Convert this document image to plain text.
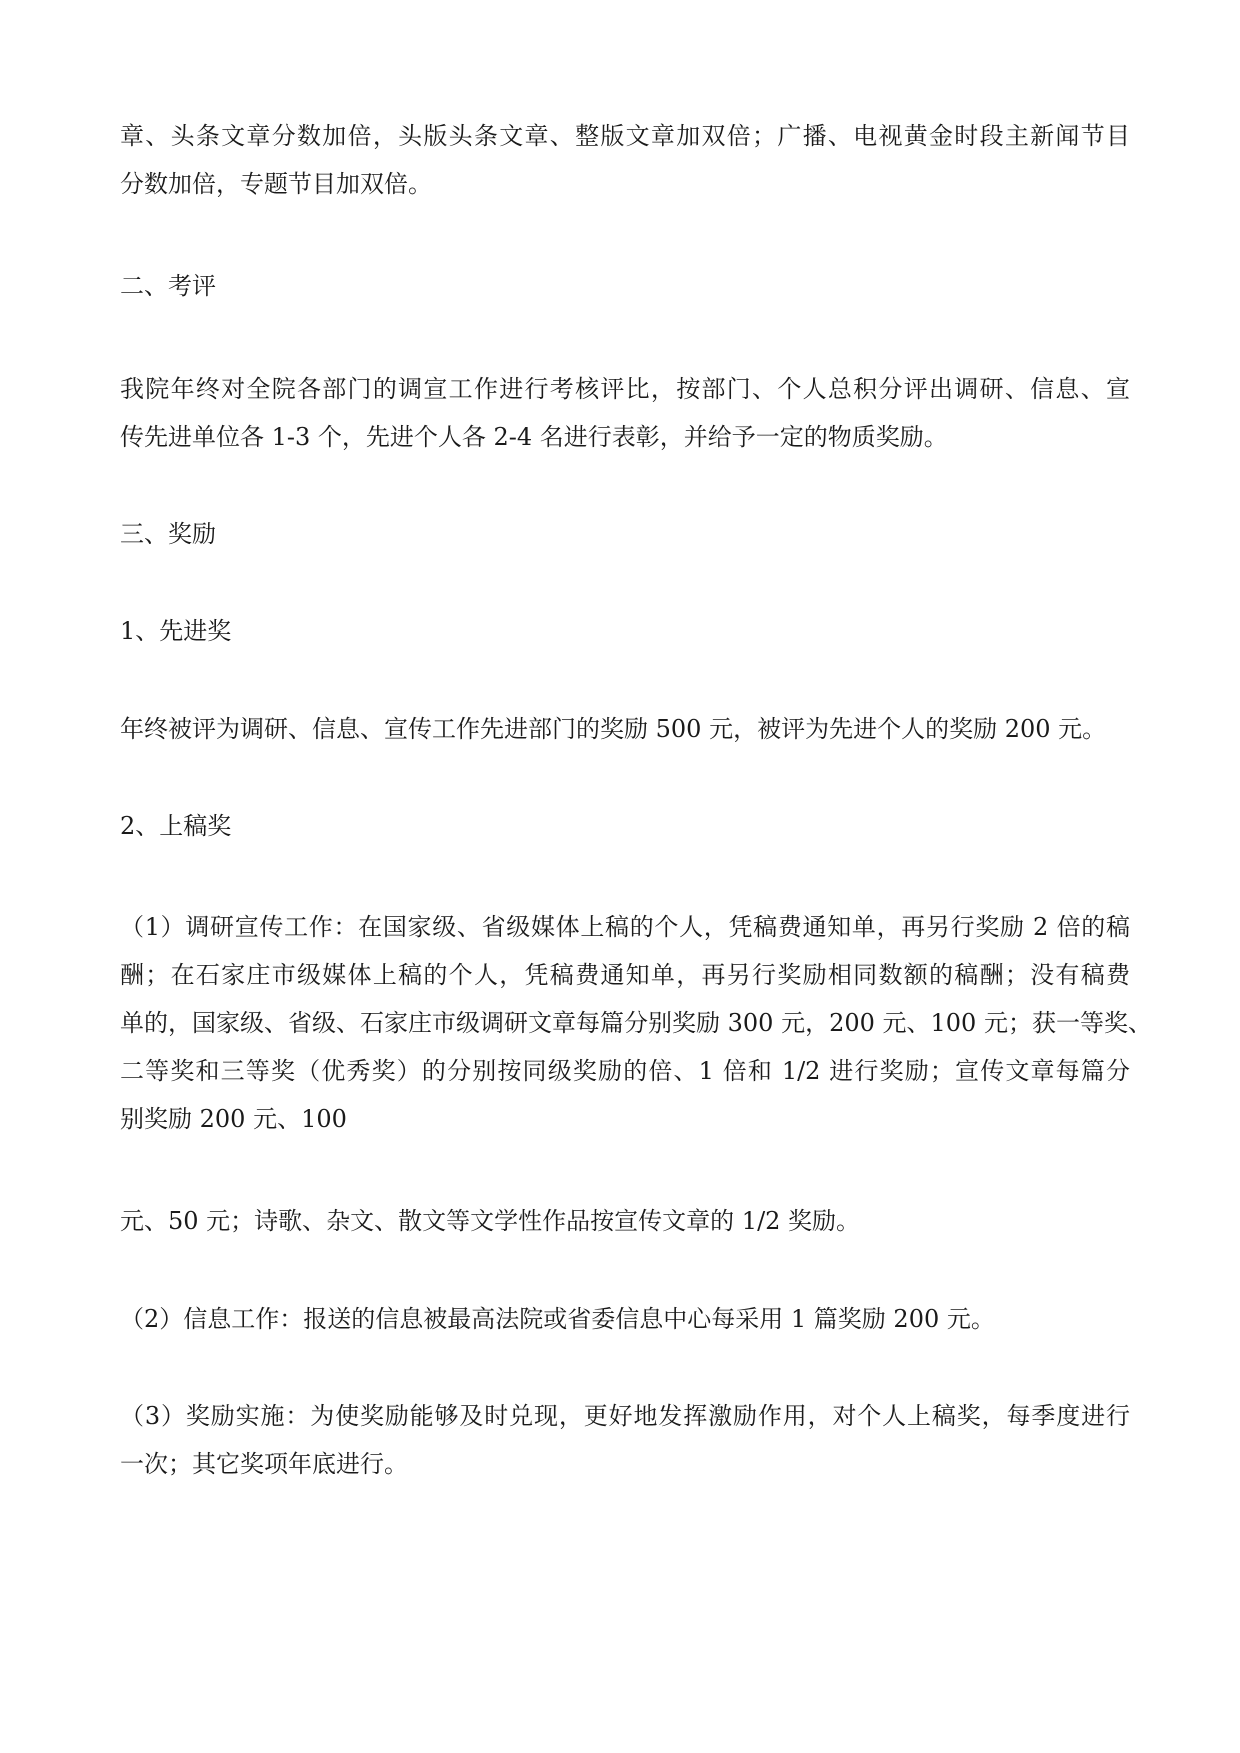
章、头条文章分数加倍，头版头条文章、整版文章加双倍；广播、电视黄金时段主新闻节目
分数加倍，专题节目加双倍。
二、考评
我院年终对全院各部门的调宣工作进行考核评比，按部门、个人总积分评出调研、信息、宣
传先进单位各 1-3 个，先进个人各 2-4 名进行表彰，并给予一定的物质奖励。
三、奖励
1、先进奖
年终被评为调研、信息、宣传工作先进部门的奖励 500 元，被评为先进个人的奖励 200 元。
2、上稿奖
（1）调研宣传工作：在国家级、省级媒体上稿的个人，凭稿费通知单，再另行奖励 2 倍的稿
酬；在石家庄市级媒体上稿的个人，凭稿费通知单，再另行奖励相同数额的稿酬；没有稿费
单的，国家级、省级、石家庄市级调研文章每篇分别奖励 300 元，200 元、100 元；获一等奖、
二等奖和三等奖（优秀奖）的分别按同级奖励的倍、1 倍和 1/2 进行奖励；宣传文章每篇分
别奖励 200 元、100
元、50 元；诗歌、杂文、散文等文学性作品按宣传文章的 1/2 奖励。
（2）信息工作：报送的信息被最高法院或省委信息中心每采用 1 篇奖励 200 元。
（3）奖励实施：为使奖励能够及时兑现，更好地发挥激励作用，对个人上稿奖，每季度进行
一次；其它奖项年底进行。
